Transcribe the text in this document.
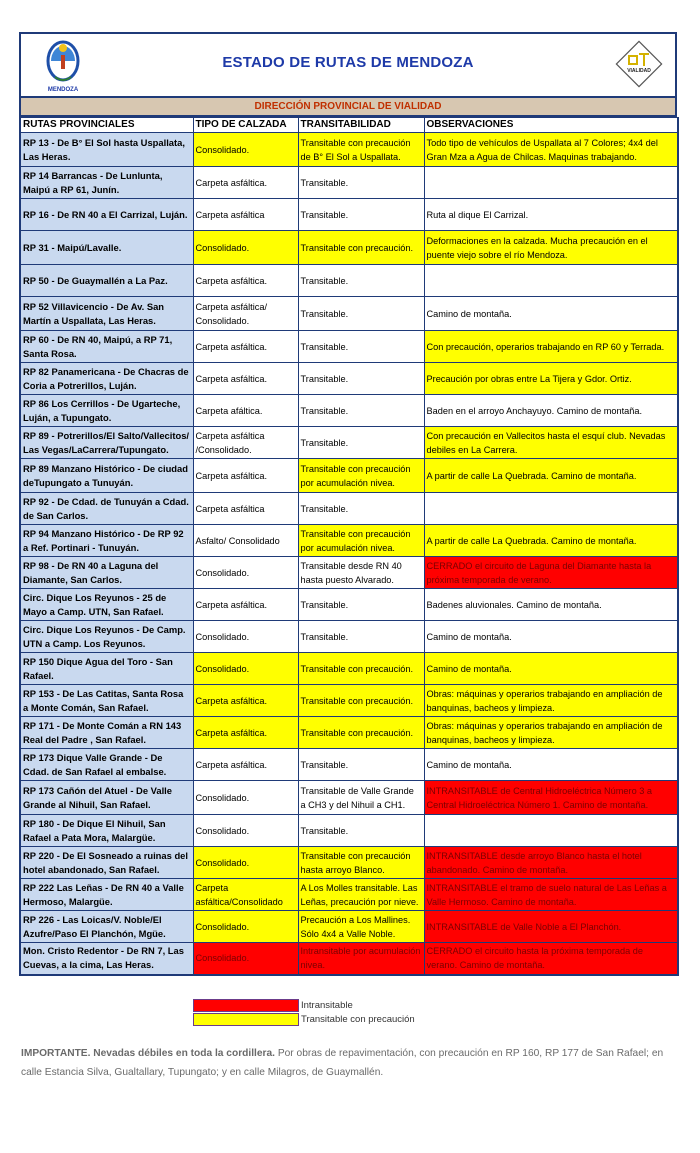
MENDOZA
ESTADO DE RUTAS DE MENDOZA	VIALIDAD
DIRECCIÓN PROVINCIAL DE VIALIDAD
RUTAS PROVINCIALES	TIPO DE CALZADA	TRANSITABILIDAD	OBSERVACIONES
RP 13 - De B° El Sol hasta Uspallata, Las Heras.	Consolidado.	Transitable con precaución de B° El Sol a Uspallata.	Todo tipo de vehículos de Uspallata al 7 Colores; 4x4 del Gran Mza a Agua de Chilcas. Maquinas trabajando.
RP 14 Barrancas - De Lunlunta, Maipú a RP 61, Junín.	Carpeta asfáltica.	Transitable.	
RP 16 - De RN 40 a El Carrizal, Luján.	Carpeta asfáltica	Transitable.	Ruta al dique El Carrizal.
RP 31 - Maipú/Lavalle.	Consolidado.	Transitable con precaución.	Deformaciones en la calzada. Mucha precaución en el puente viejo sobre el río Mendoza.
RP 50 - De Guaymallén a La Paz.	Carpeta asfáltica.	Transitable.	
RP 52 Villavicencio - De Av. San Martín a Uspallata, Las Heras.	Carpeta asfáltica/ Consolidado.	Transitable.	Camino de montaña.
RP 60 - De RN 40, Maipú, a RP 71, Santa Rosa.	Carpeta asfáltica.	Transitable.	Con precaución, operarios trabajando en RP 60 y Terrada.
RP 82 Panamericana - De Chacras de Coria a Potrerillos, Luján.	Carpeta asfáltica.	Transitable.	Precaución por obras entre La Tijera y Gdor. Ortiz.
RP 86 Los Cerrillos - De Ugarteche, Luján, a Tupungato.	Carpeta afáltica.	Transitable.	Baden en el arroyo Anchayuyo. Camino de montaña.
RP 89 - Potrerillos/El Salto/Vallecitos/ Las Vegas/LaCarrera/Tupungato.	Carpeta asfáltica /Consolidado.	Transitable.	Con precaución en Vallecitos hasta el esquí club. Nevadas debiles en La Carrera.
RP 89 Manzano Histórico - De ciudad deTupungato a Tunuyán.	Carpeta asfáltica.	Transitable con precaución por acumulación nivea.	A partir de calle La Quebrada. Camino de montaña.
RP 92 - De Cdad. de Tunuyán a Cdad. de San Carlos.	Carpeta asfáltica	Transitable.	
RP 94 Manzano Histórico - De RP 92 a Ref. Portinari - Tunuyán.	Asfalto/ Consolidado	Transitable con precaución por acumulación nivea.	A partir de calle La Quebrada. Camino de montaña.
RP 98 - De RN 40 a Laguna del Diamante, San Carlos.	Consolidado.	Transitable desde RN 40 hasta puesto Alvarado.	CERRADO el circuito de Laguna del Diamante hasta la próxima temporada de verano.
Circ. Dique Los Reyunos - 25 de Mayo a Camp. UTN, San Rafael.	Carpeta asfáltica.	Transitable.	Badenes aluvionales. Camino de montaña.
Circ. Dique Los Reyunos - De Camp. UTN a Camp. Los Reyunos.	Consolidado.	Transitable.	Camino de montaña.
RP 150 Dique Agua del Toro - San Rafael.	Consolidado.	Transitable con precaución.	Camino de montaña.
RP 153 - De Las Catitas, Santa Rosa a Monte Comán, San Rafael.	Carpeta asfáltica.	Transitable con precaución.	Obras: máquinas y operarios trabajando en ampliación de banquinas, bacheos y limpieza.
RP 171 - De Monte Comán a RN 143 Real del Padre , San Rafael.	Carpeta asfáltica.	Transitable con precaución.	Obras: máquinas y operarios trabajando en ampliación de banquinas, bacheos y limpieza.
RP 173 Dique Valle Grande - De Cdad. de San Rafael al embalse.	Carpeta asfáltica.	Transitable.	Camino de montaña.
RP 173 Cañón del Atuel - De Valle Grande al Nihuil, San Rafael.	Consolidado.	Transitable de Valle Grande a CH3 y del Nihuil a CH1.	INTRANSITABLE de Central Hidroeléctrica Número 3 a Central Hidroeléctrica Número 1. Camino de montaña.
RP 180 - De Dique El Nihuil, San Rafael a Pata Mora, Malargüe.	Consolidado.	Transitable.	
RP 220 - De El Sosneado a ruinas del hotel abandonado, San Rafael.	Consolidado.	Transitable con precaución hasta arroyo Blanco.	INTRANSITABLE desde arroyo Blanco hasta el hotel abandonado. Camino de montaña.
RP 222 Las Leñas - De RN 40 a Valle Hermoso, Malargüe.	Carpeta asfáltica/Consolidado	A Los Molles transitable. Las Leñas, precaución por nieve.	INTRANSITABLE el tramo de suelo natural de Las Leñas a Valle Hermoso. Camino de montaña.
RP 226 - Las Loicas/V. Noble/El Azufre/Paso El Planchón, Mgüe.	Consolidado.	Precaución a Los Mallines. Sólo 4x4 a Valle Noble.	INTRANSITABLE de Valle Noble a El Planchón.
Mon. Cristo Redentor - De RN 7, Las Cuevas, a la cima, Las Heras.	Consolidado.	Intransitable por acumulación nivea.	CERRADO el circuito hasta la próxima temporada de verano. Camino de montaña.
Intransitable
Transitable con precaución
IMPORTANTE. Nevadas débiles en toda la cordillera. Por obras de repavimentación, con precaución en RP 160, RP 177 de San Rafael; en calle Estancia Silva, Gualtallary, Tupungato; y en calle Milagros, de Guaymallén.
